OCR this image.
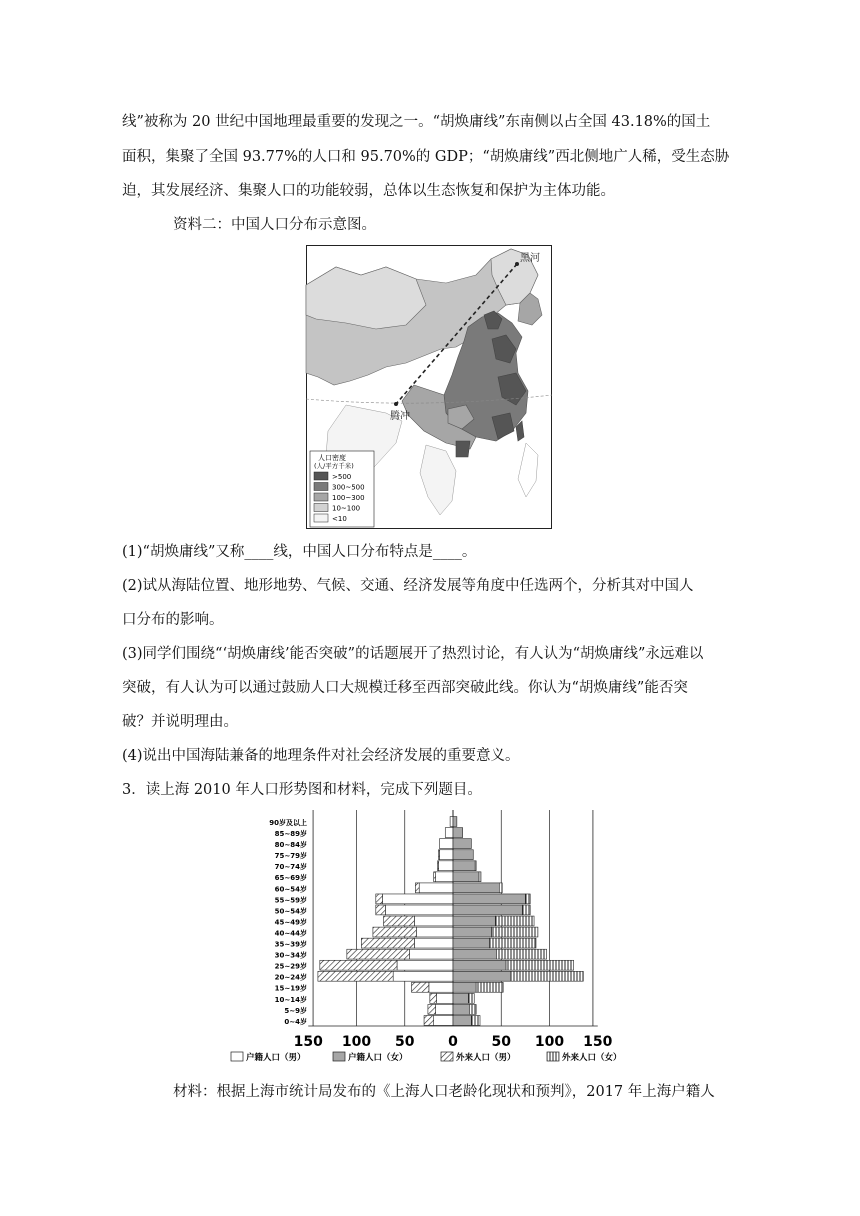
线”被称为 20 世纪中国地理最重要的发现之一。“胡焕庸线”东南侧以占全国 43.18%的国土
面积，集聚了全国 93.77%的人口和 95.70%的 GDP；“胡焕庸线”西北侧地广人稀，受生态胁
迫，其发展经济、集聚人口的功能较弱，总体以生态恢复和保护为主体功能。
资料二：中国人口分布示意图。
黑河
腾冲
人口密度
(人/平方千米)
>500
300~500
100~300
10~100
<10
(1)“胡焕庸线”又称____线，中国人口分布特点是____。
(2)试从海陆位置、地形地势、气候、交通、经济发展等角度中任选两个，分析其对中国人
口分布的影响。
(3)同学们围绕“‘胡焕庸线’能否突破”的话题展开了热烈讨论，有人认为“胡焕庸线”永远难以
突破，有人认为可以通过鼓励人口大规模迁移至西部突破此线。你认为“胡焕庸线”能否突
破？并说明理由。
(4)说出中国海陆兼备的地理条件对社会经济发展的重要意义。
3．读上海 2010 年人口形势图和材料，完成下列题目。
0~4岁
5~9岁
10~14岁
15~19岁
20~24岁
25~29岁
30~34岁
35~39岁
40~44岁
45~49岁
50~54岁
55~59岁
60~54岁
65~69岁
70~74岁
75~79岁
80~84岁
85~89岁
90岁及以上
150 100 50 0 50 100 150
户籍人口（男）	户籍人口（女）	外来人口（男）	外来人口（女）
材料：根据上海市统计局发布的《上海人口老龄化现状和预判》，2017 年上海户籍人
